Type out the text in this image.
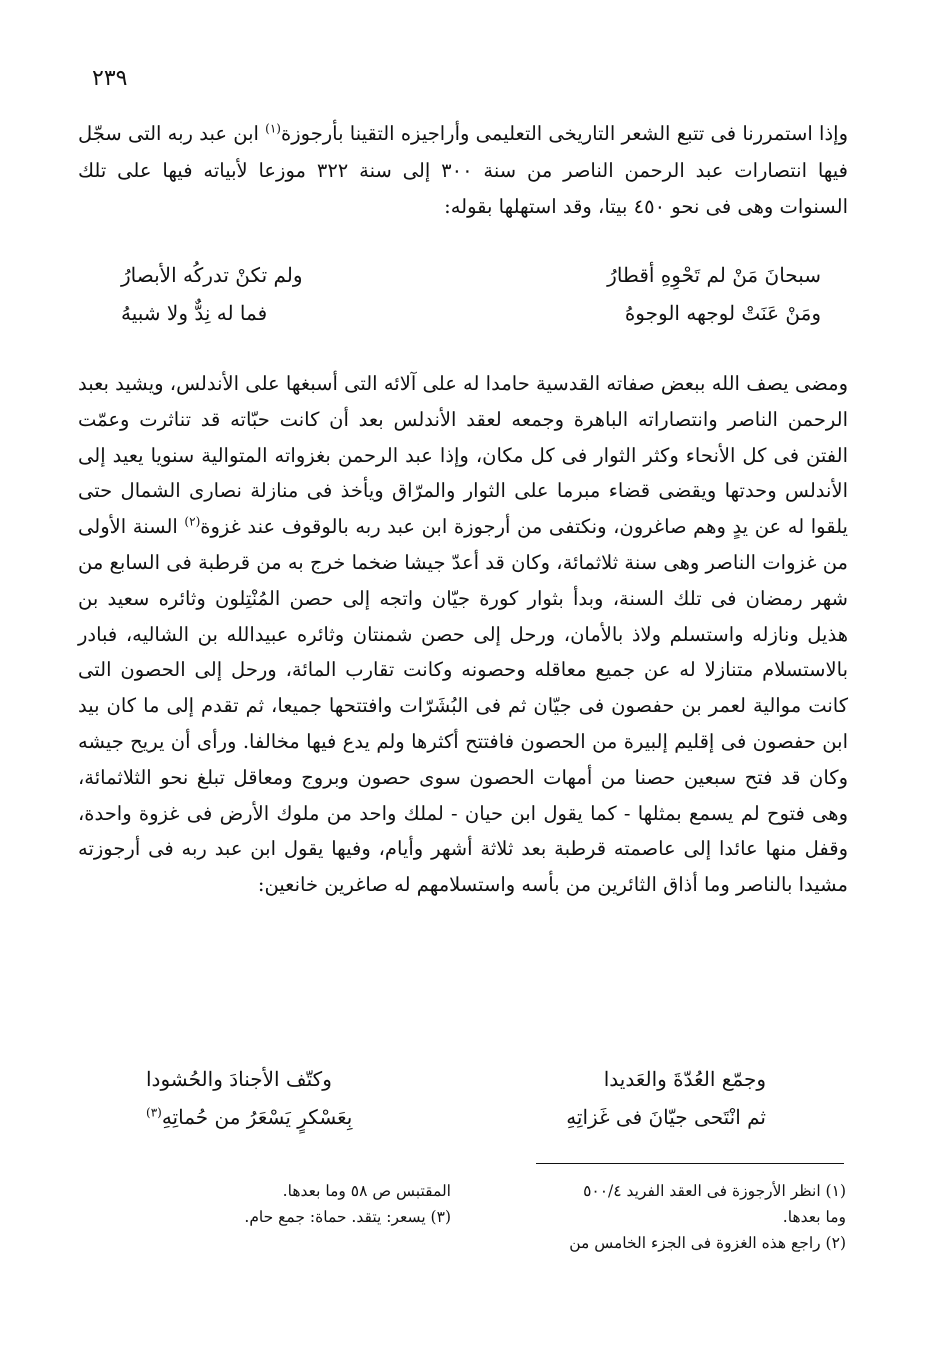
٢٣٩

وإذا استمررنا فى تتبع الشعر التاريخى التعليمى وأراجيزه التقينا بأرجوزة$^{(١)}$ ابن عبد ربه التى سجّل فيها انتصارات عبد الرحمن الناصر من سنة ٣٠٠ إلى سنة ٣٢٢ موزعا لأبياته فيها على تلك السنوات وهى فى نحو ٤٥٠ بيتا، وقد استهلها بقوله:

سبحانَ مَنْ لم تَحْوِهِ أقطارُ
ولم تكنْ تدركُه الأبصارُ
ومَنْ عَنَتْ لوجهه الوجوهُ
فما له نِدٌّ ولا شبيهُ

ومضى يصف الله ببعض صفاته القدسية حامدا له على آلائه التى أسبغها على الأندلس، ويشيد بعبد الرحمن الناصر وانتصاراته الباهرة وجمعه لعقد الأندلس بعد أن كانت حبّاته قد تناثرت وعمّت الفتن فى كل الأنحاء وكثر الثوار فى كل مكان، وإذا عبد الرحمن بغزواته المتوالية سنويا يعيد إلى الأندلس وحدتها ويقضى قضاء مبرما على الثوار والمرّاق ويأخذ فى منازلة نصارى الشمال حتى يلقوا له عن يدٍ وهم صاغرون، ونكتفى من أرجوزة ابن عبد ربه بالوقوف عند غزوة$^{(٢)}$ السنة الأولى من غزوات الناصر وهى سنة ثلاثمائة، وكان قد أعدّ جيشا ضخما خرج به من قرطبة فى السابع من شهر رمضان فى تلك السنة، وبدأ بثوار كورة جيّان واتجه إلى حصن المُنْتِلون وثائره سعيد بن هذيل ونازله واستسلم ولاذ بالأمان، ورحل إلى حصن شمنتان وثائره عبيدالله بن الشاليه، فبادر بالاستسلام متنازلا له عن جميع معاقله وحصونه وكانت تقارب المائة، ورحل إلى الحصون التى كانت موالية لعمر بن حفصون فى جيّان ثم فى البُشَرّات وافتتحها جميعا، ثم تقدم إلى ما كان بيد ابن حفصون فى إقليم إلبيرة من الحصون فافتتح أكثرها ولم يدع فيها مخالفا. ورأى أن يريح جيشه وكان قد فتح سبعين حصنا من أمهات الحصون سوى حصون وبروج ومعاقل تبلغ نحو الثلاثمائة، وهى فتوح لم يسمع بمثلها - كما يقول ابن حيان - لملك واحد من ملوك الأرض فى غزوة واحدة، وقفل منها عائدا إلى عاصمته قرطبة بعد ثلاثة أشهر وأيام، وفيها يقول ابن عبد ربه فى أرجوزته مشيدا بالناصر وما أذاق الثائرين من بأسه واستسلامهم له صاغرين خانعين:

وجمّع العُدّةَ والعَديدا
وكتّف الأجنادَ والحُشودا
ثم انْتَحى جيّانَ فى غَزاتِهِ
بِعَسْكرٍ يَسْعَرُ من حُماتِهِ$^{(٣)}$
(١) انظر الأرجوزة فى العقد الفريد ٥٠٠/٤
وما بعدها.
(٢) راجع هذه الغزوة فى الجزء الخامس من
المقتبس ص ٥٨ وما بعدها.
(٣) يسعر: يتقد. حماة: جمع حام.
